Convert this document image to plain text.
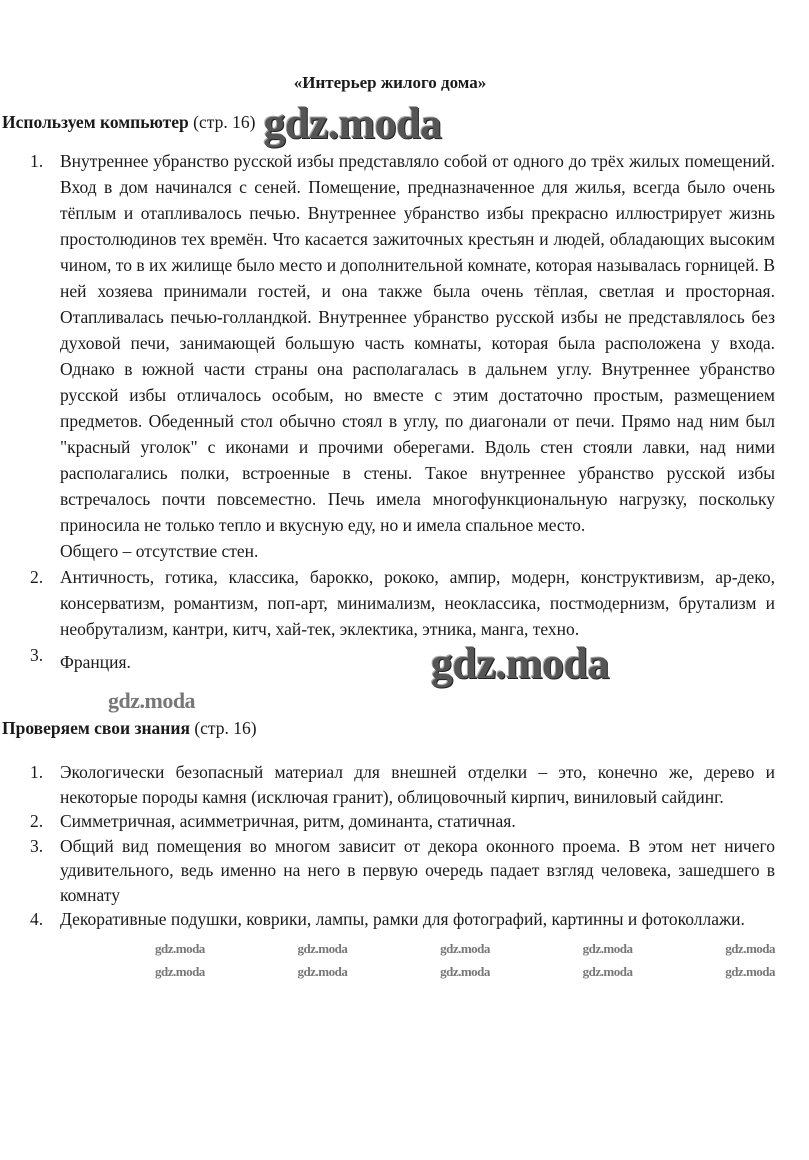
«Интерьер жилого дома»
Используем компьютер (стр. 16) gdz.moda
1. Внутреннее убранство русской избы представляло собой от одного до трёх жилых помещений. Вход в дом начинался с сеней. Помещение, предназначенное для жилья, всегда было очень тёплым и отапливалось печью. Внутреннее убранство избы прекрасно иллюстрирует жизнь простолюдинов тех времён. Что касается зажиточных крестьян и людей, обладающих высоким чином, то в их жилище было место и дополнительной комнате, которая называлась горницей. В ней хозяева принимали гостей, и она также была очень тёплая, светлая и просторная. Отапливалась печью-голландкой. Внутреннее убранство русской избы не представлялось без духовой печи, занимающей большую часть комнаты, которая была расположена у входа. Однако в южной части страны она располагалась в дальнем углу. Внутреннее убранство русской избы отличалось особым, но вместе с этим достаточно простым, размещением предметов. Обеденный стол обычно стоял в углу, по диагонали от печи. Прямо над ним был "красный уголок" с иконами и прочими оберегами. Вдоль стен стояли лавки, над ними располагались полки, встроенные в стены. Такое внутреннее убранство русской избы встречалось почти повсеместно. Печь имела многофункциональную нагрузку, поскольку приносила не только тепло и вкусную еду, но и имела спальное место.
Общего – отсутствие стен.
2. Античность, готика, классика, барокко, рококо, ампир, модерн, конструктивизм, ар-деко, консерватизм, романтизм, поп-арт, минимализм, неоклассика, постмодернизм, брутализм и необрутализм, кантри, китч, хай-тек, эклектика, этника, манга, техно.
3. Франция.	gdz.moda
gdz.moda
Проверяем свои знания (стр. 16)
1. Экологически безопасный материал для внешней отделки – это, конечно же, дерево и некоторые породы камня (исключая гранит), облицовочный кирпич, виниловый сайдинг.
2. Симметричная, асимметричная, ритм, доминанта, статичная.
3. Общий вид помещения во многом зависит от декора оконного проема. В этом нет ничего удивительного, ведь именно на него в первую очередь падает взгляд человека, зашедшего в комнату
4. Декоративные подушки, коврики, лампы, рамки для фотографий, картинны и фотоколлажи.
gdz.moda	gdz.moda	gdz.moda	gdz.moda	gdz.moda
gdz.moda	gdz.moda	gdz.moda	gdz.moda	gdz.moda
